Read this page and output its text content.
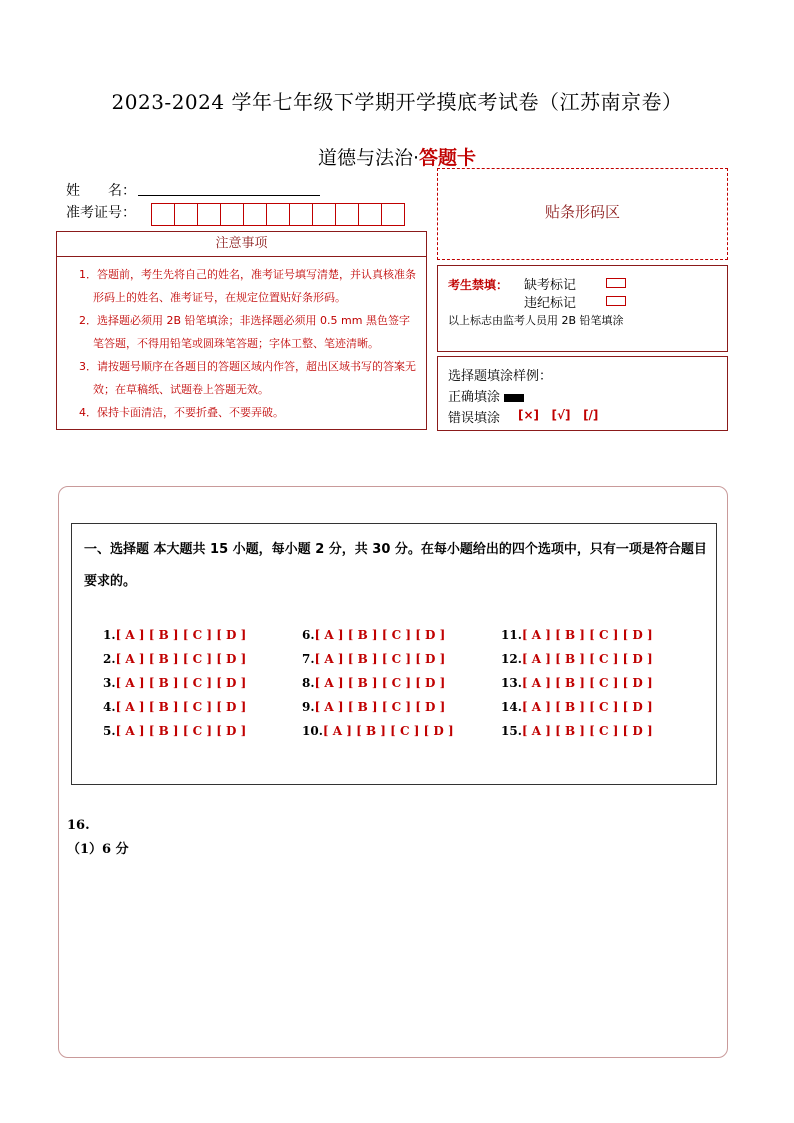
2023-2024 学年七年级下学期开学摸底考试卷（江苏南京卷）
道德与法治·答题卡
姓　　名：
准考证号：
注意事项
1．答题前，考生先将自己的姓名，准考证号填写清楚，并认真核准条形码上的姓名、准考证号，在规定位置贴好条形码。
2．选择题必须用 2B 铅笔填涂；非选择题必须用 0.5 mm 黑色签字笔答题，不得用铅笔或圆珠笔答题；字体工整、笔迹清晰。
3．请按题号顺序在各题目的答题区域内作答，超出区域书写的答案无效；在草稿纸、试题卷上答题无效。
4．保持卡面清洁，不要折叠、不要弄破。
贴条形码区
考生禁填： 缺考标记
违纪标记
以上标志由监考人员用 2B 铅笔填涂
选择题填涂样例：
正确填涂
错误填涂 [×]   [√]   [/]
一、选择题 本大题共 15 小题，每小题 2 分，共 30 分。在每小题给出的四个选项中，只有一项是符合题目要求的。
1.[ A ] [ B ] [ C ] [ D ]
2.[ A ] [ B ] [ C ] [ D ]
3.[ A ] [ B ] [ C ] [ D ]
4.[ A ] [ B ] [ C ] [ D ]
5.[ A ] [ B ] [ C ] [ D ]
6.[ A ] [ B ] [ C ] [ D ]
7.[ A ] [ B ] [ C ] [ D ]
8.[ A ] [ B ] [ C ] [ D ]
9.[ A ] [ B ] [ C ] [ D ]
10.[ A ] [ B ] [ C ] [ D ]
11.[ A ] [ B ] [ C ] [ D ]
12.[ A ] [ B ] [ C ] [ D ]
13.[ A ] [ B ] [ C ] [ D ]
14.[ A ] [ B ] [ C ] [ D ]
15.[ A ] [ B ] [ C ] [ D ]
16.
（1）6 分
